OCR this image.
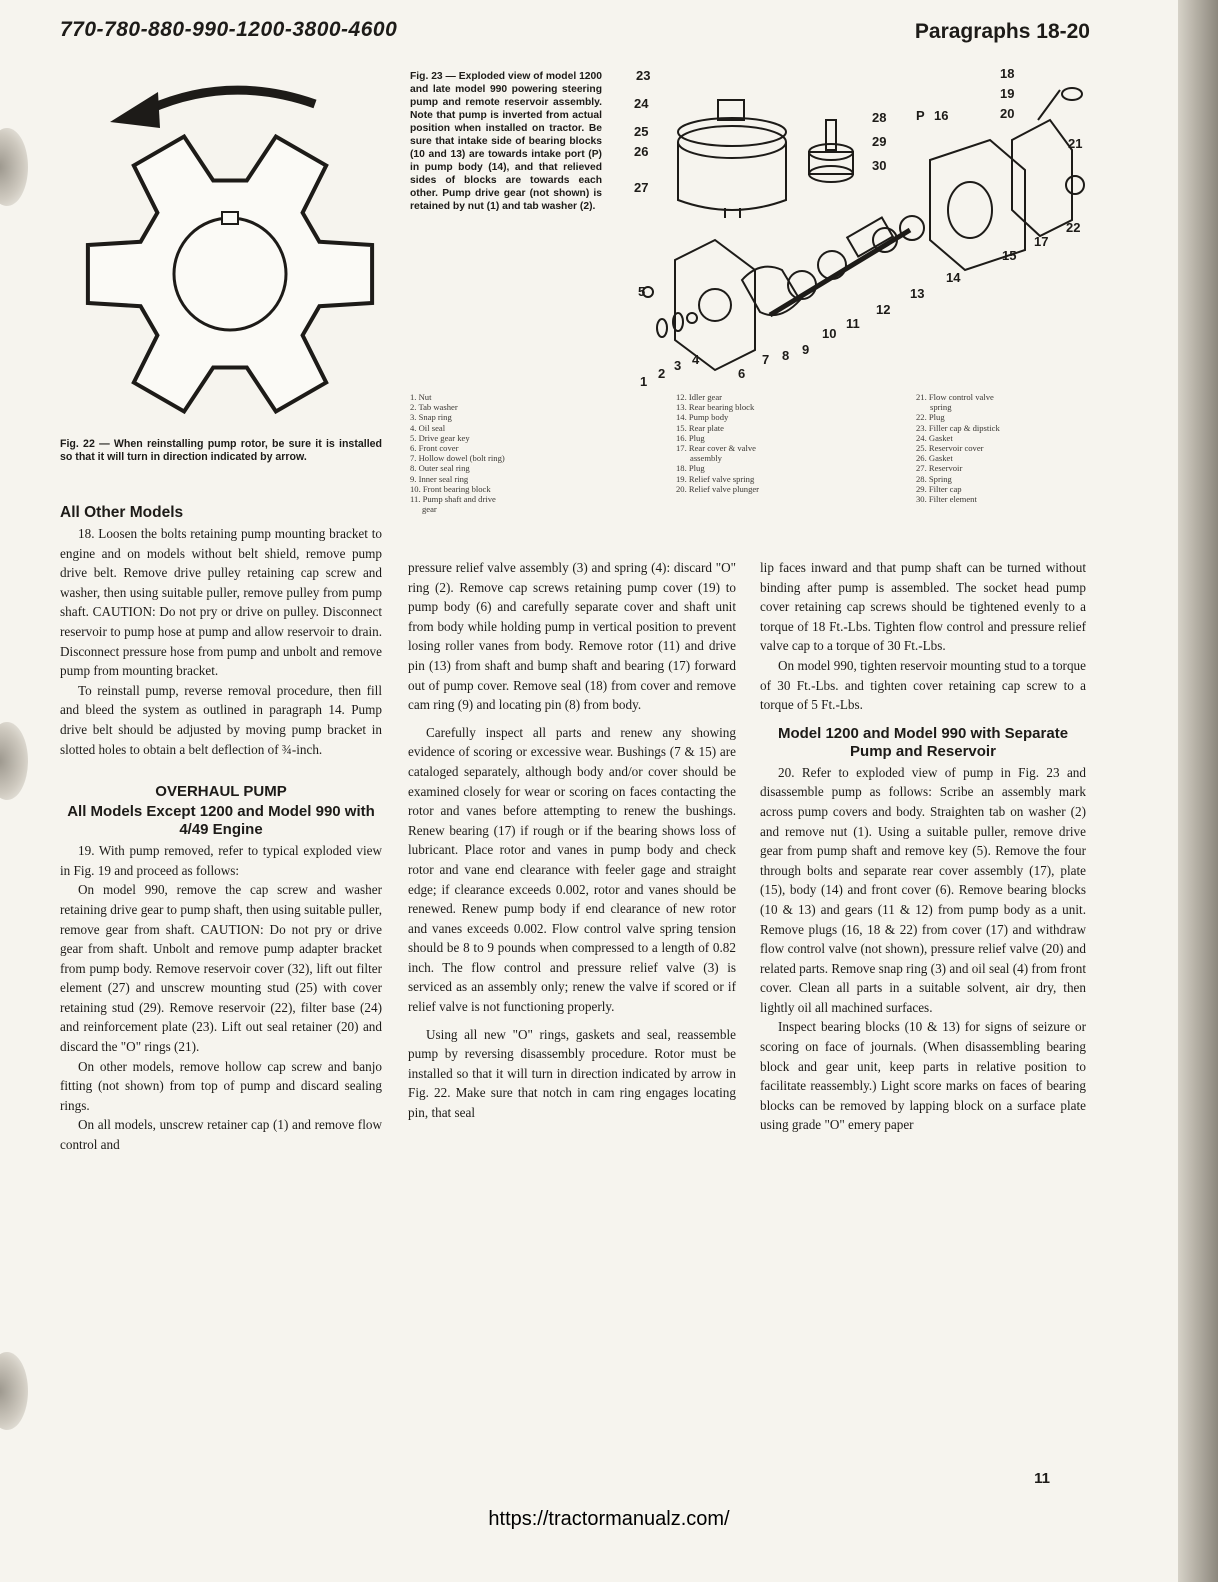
770-780-880-990-1200-3800-4600	Paragraphs 18-20
Fig. 22 — When reinstalling pump rotor, be sure it is installed so that it will turn in direction indicated by arrow.
Fig. 23 — Exploded view of model 1200 and late model 990 powering steering pump and remote reservoir assembly. Note that pump is inverted from actual position when installed on tractor. Be sure that intake side of bearing blocks (10 and 13) are towards intake port (P) in pump body (14), and that relieved sides of blocks are towards each other. Pump drive gear (not shown) is retained by nut (1) and tab washer (2).
23
24
25
26
27
28
29
30
P 16
18
19
20
21
22
15
17
14
13
12
11
10
9
8
7
6
5
4
3
2
1
1. Nut
2. Tab washer
3. Snap ring
4. Oil seal
5. Drive gear key
6. Front cover
7. Hollow dowel (bolt ring)
8. Outer seal ring
9. Inner seal ring
10. Front bearing block
11. Pump shaft and drive
gear
12. Idler gear
13. Rear bearing block
14. Pump body
15. Rear plate
16. Plug
17. Rear cover & valve
assembly
18. Plug
19. Relief valve spring
20. Relief valve plunger
21. Flow control valve
spring
22. Plug
23. Filler cap & dipstick
24. Gasket
25. Reservoir cover
26. Gasket
27. Reservoir
28. Spring
29. Filter cap
30. Filter element
All Other Models

18. Loosen the bolts retaining pump mounting bracket to engine and on models without belt shield, remove pump drive belt. Remove drive pulley retaining cap screw and washer, then using suitable puller, remove pulley from pump shaft. CAUTION: Do not pry or drive on pulley. Disconnect reservoir to pump hose at pump and allow reservoir to drain. Disconnect pressure hose from pump and unbolt and remove pump from mounting bracket.

To reinstall pump, reverse removal procedure, then fill and bleed the system as outlined in paragraph 14. Pump drive belt should be adjusted by moving pump bracket in slotted holes to obtain a belt deflection of ¾-inch.

OVERHAUL PUMP
All Models Except 1200 and Model 990 with 4/49 Engine

19. With pump removed, refer to typical exploded view in Fig. 19 and proceed as follows:

On model 990, remove the cap screw and washer retaining drive gear to pump shaft, then using suitable puller, remove gear from shaft. CAUTION: Do not pry or drive gear from shaft. Unbolt and remove pump adapter bracket from pump body. Remove reservoir cover (32), lift out filter element (27) and unscrew mounting stud (25) with cover retaining stud (29). Remove reservoir (22), filter base (24) and reinforcement plate (23). Lift out seal retainer (20) and discard the "O" rings (21).

On other models, remove hollow cap screw and banjo fitting (not shown) from top of pump and discard sealing rings.

On all models, unscrew retainer cap (1) and remove flow control and

pressure relief valve assembly (3) and spring (4): discard "O" ring (2). Remove cap screws retaining pump cover (19) to pump body (6) and carefully separate cover and shaft unit from body while holding pump in vertical position to prevent losing roller vanes from body. Remove rotor (11) and drive pin (13) from shaft and bump shaft and bearing (17) forward out of pump cover. Remove seal (18) from cover and remove cam ring (9) and locating pin (8) from body.

Carefully inspect all parts and renew any showing evidence of scoring or excessive wear. Bushings (7 & 15) are cataloged separately, although body and/or cover should be examined closely for wear or scoring on faces contacting the rotor and vanes before attempting to renew the bushings. Renew bearing (17) if rough or if the bearing shows loss of lubricant. Place rotor and vanes in pump body and check rotor and vane end clearance with feeler gage and straight edge; if clearance exceeds 0.002, rotor and vanes should be renewed. Renew pump body if end clearance of new rotor and vanes exceeds 0.002. Flow control valve spring tension should be 8 to 9 pounds when compressed to a length of 0.82 inch. The flow control and pressure relief valve (3) is serviced as an assembly only; renew the valve if scored or if relief valve is not functioning properly.

Using all new "O" rings, gaskets and seal, reassemble pump by reversing disassembly procedure. Rotor must be installed so that it will turn in direction indicated by arrow in Fig. 22. Make sure that notch in cam ring engages locating pin, that seal

lip faces inward and that pump shaft can be turned without binding after pump is assembled. The socket head pump cover retaining cap screws should be tightened evenly to a torque of 18 Ft.-Lbs. Tighten flow control and pressure relief valve cap to a torque of 30 Ft.-Lbs.

On model 990, tighten reservoir mounting stud to a torque of 30 Ft.-Lbs. and tighten cover retaining cap screw to a torque of 5 Ft.-Lbs.

Model 1200 and Model 990 with Separate Pump and Reservoir

20. Refer to exploded view of pump in Fig. 23 and disassemble pump as follows: Scribe an assembly mark across pump covers and body. Straighten tab on washer (2) and remove nut (1). Using a suitable puller, remove drive gear from pump shaft and remove key (5). Remove the four through bolts and separate rear cover assembly (17), plate (15), body (14) and front cover (6). Remove bearing blocks (10 & 13) and gears (11 & 12) from pump body as a unit. Remove plugs (16, 18 & 22) from cover (17) and withdraw flow control valve (not shown), pressure relief valve (20) and related parts. Remove snap ring (3) and oil seal (4) from front cover. Clean all parts in a suitable solvent, air dry, then lightly oil all machined surfaces.

Inspect bearing blocks (10 & 13) for signs of seizure or scoring on face of journals. (When disassembling bearing block and gear unit, keep parts in relative position to facilitate reassembly.) Light score marks on faces of bearing blocks can be removed by lapping block on a surface plate using grade "O" emery paper

11
https://tractormanualz.com/
